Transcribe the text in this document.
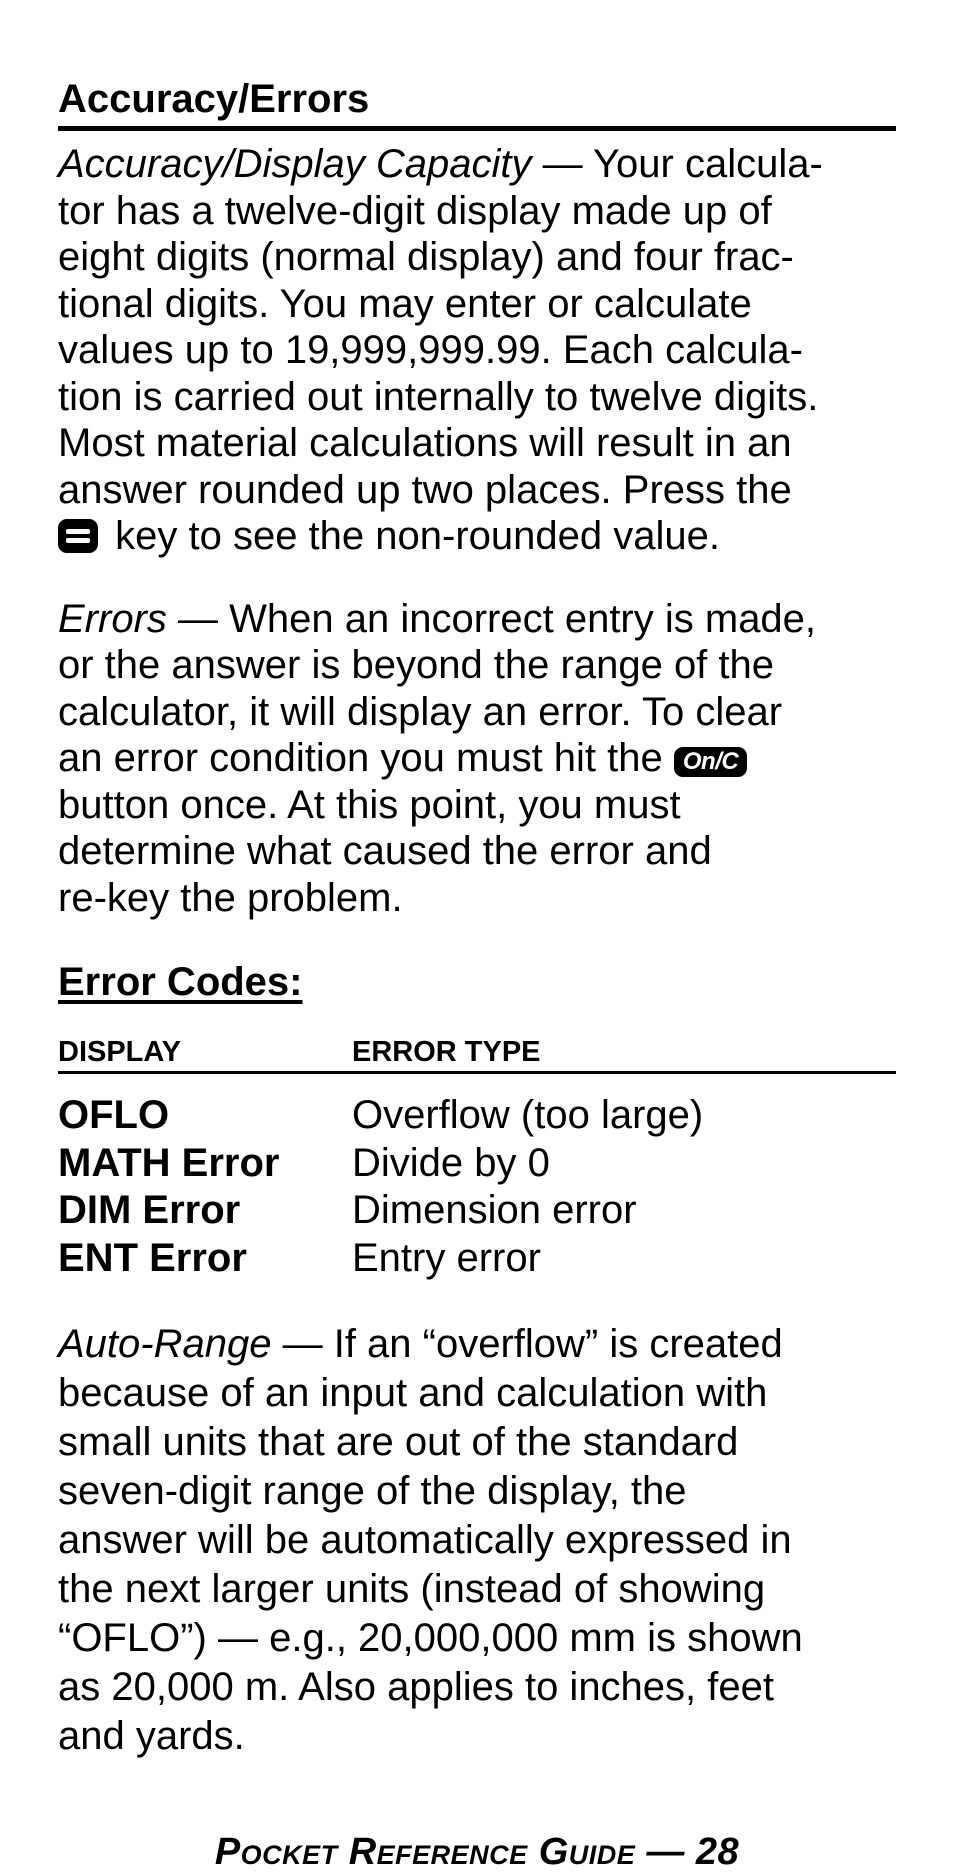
Accuracy/Errors

Accuracy/Display Capacity — Your calcula-
tor has a twelve-digit display made up of
eight digits (normal display) and four frac-
tional digits. You may enter or calculate
values up to 19,999,999.99. Each calcula-
tion is carried out internally to twelve digits.
Most material calculations will result in an
answer rounded up two places. Press the
key to see the non-rounded value.

Errors — When an incorrect entry is made,
or the answer is beyond the range of the
calculator, it will display an error. To clear
an error condition you must hit the On/C
button once. At this point, you must
determine what caused the error and
re-key the problem.

Error Codes:
DISPLAY	ERROR TYPE
OFLO	Overflow (too large)
MATH Error	Divide by 0
DIM Error	Dimension error
ENT Error	Entry error

Auto-Range — If an “overflow” is created
because of an input and calculation with
small units that are out of the standard
seven-digit range of the display, the
answer will be automatically expressed in
the next larger units (instead of showing
“OFLO”) — e.g., 20,000,000 mm is shown
as 20,000 m. Also applies to inches, feet
and yards.

Pocket Reference Guide — 28
